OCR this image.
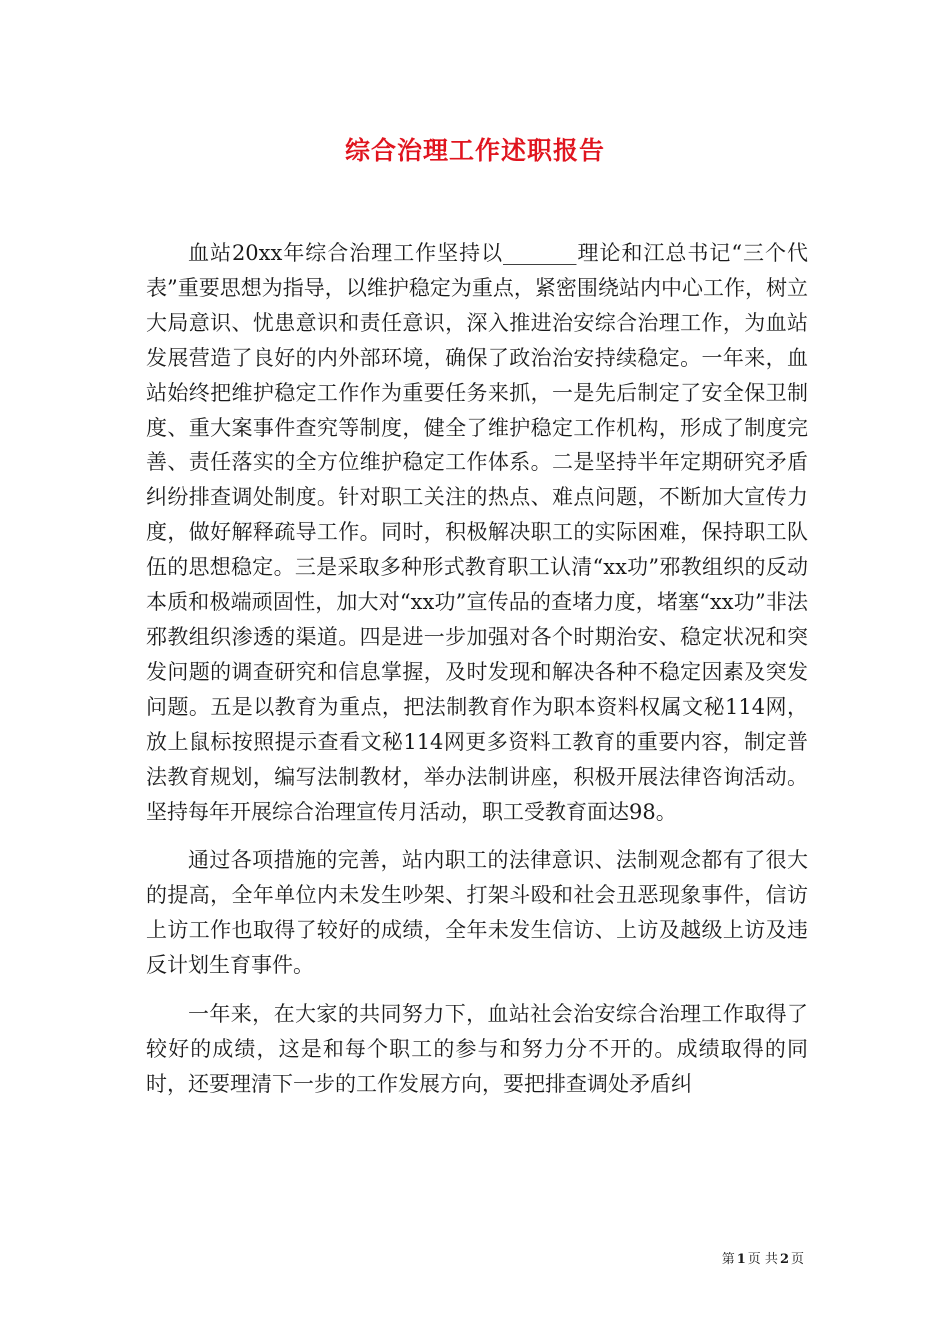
综合治理工作述职报告

血站20xx年综合治理工作坚持以_______理论和江总书记“三个代表”重要思想为指导，以维护稳定为重点，紧密围绕站内中心工作，树立大局意识、忧患意识和责任意识，深入推进治安综合治理工作，为血站发展营造了良好的内外部环境，确保了政治治安持续稳定。一年来，血站始终把维护稳定工作作为重要任务来抓，一是先后制定了安全保卫制度、重大案事件查究等制度，健全了维护稳定工作机构，形成了制度完善、责任落实的全方位维护稳定工作体系。二是坚持半年定期研究矛盾纠纷排查调处制度。针对职工关注的热点、难点问题，不断加大宣传力度，做好解释疏导工作。同时，积极解决职工的实际困难，保持职工队伍的思想稳定。三是采取多种形式教育职工认清“xx功”邪教组织的反动本质和极端顽固性，加大对“xx功”宣传品的查堵力度，堵塞“xx功”非法邪教组织渗透的渠道。四是进一步加强对各个时期治安、稳定状况和突发问题的调查研究和信息掌握，及时发现和解决各种不稳定因素及突发问题。五是以教育为重点，把法制教育作为职本资料权属文秘114网，放上鼠标按照提示查看文秘114网更多资料工教育的重要内容，制定普法教育规划，编写法制教材，举办法制讲座，积极开展法律咨询活动。坚持每年开展综合治理宣传月活动，职工受教育面达98。

通过各项措施的完善，站内职工的法律意识、法制观念都有了很大的提高，全年单位内未发生吵架、打架斗殴和社会丑恶现象事件，信访上访工作也取得了较好的成绩，全年未发生信访、上访及越级上访及违反计划生育事件。

一年来，在大家的共同努力下，血站社会治安综合治理工作取得了较好的成绩，这是和每个职工的参与和努力分不开的。成绩取得的同时，还要理清下一步的工作发展方向，要把排查调处矛盾纠

第 1 页 共 2 页
